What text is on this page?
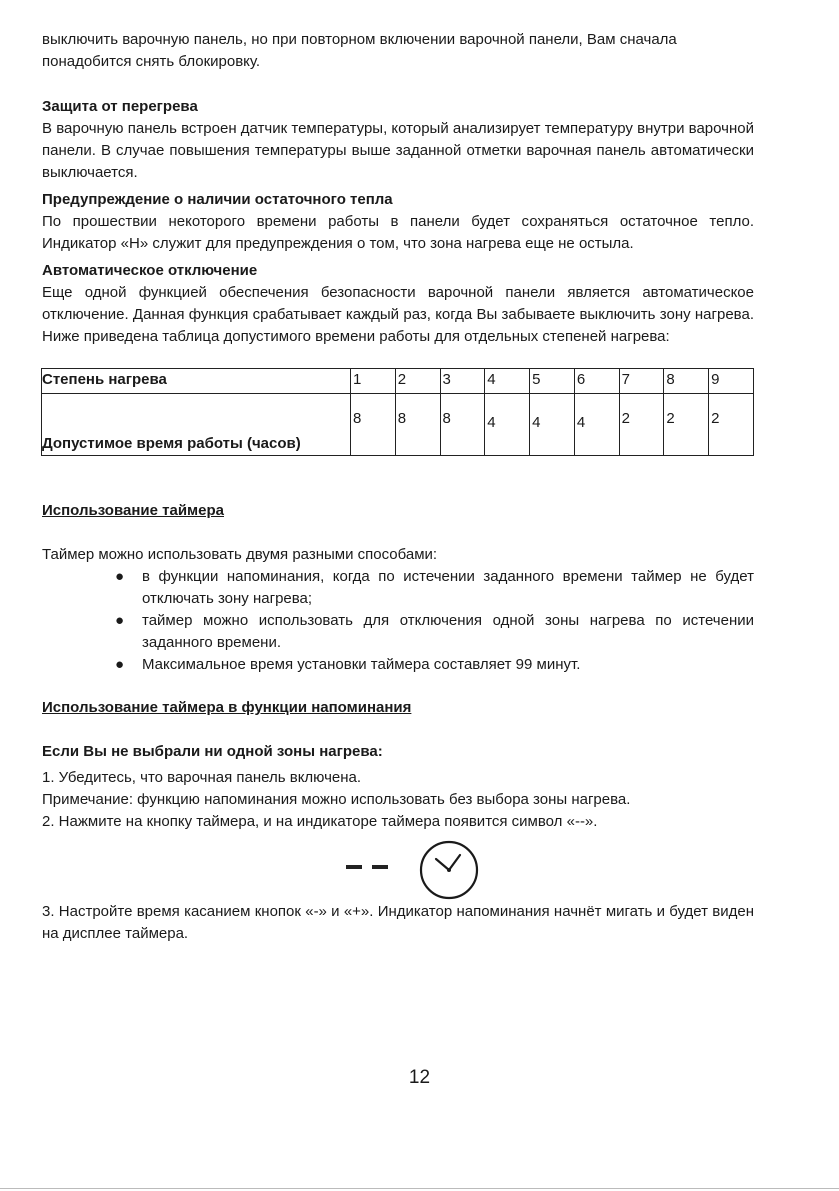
выключить варочную панель, но при повторном включении варочной панели, Вам сначала

понадобится снять блокировку.

Защита от перегрева

В варочную панель встроен датчик температуры, который анализирует температуру внутри варочной панели. В случае повышения температуры выше заданной отметки варочная панель автоматически выключается.

Предупреждение о наличии остаточного тепла

По прошествии некоторого времени работы в панели будет сохраняться остаточное тепло. Индикатор «H» служит для предупреждения о том, что зона нагрева еще не остыла.

Автоматическое отключение

Еще одной функцией обеспечения безопасности варочной панели является автоматическое отключение. Данная функция срабатывает каждый раз, когда Вы забываете выключить зону нагрева. Ниже приведена таблица допустимого времени работы для отдельных степеней нагрева:

Степень нагрева	1	2	3	4	5	6	7	8	9
Допустимое время работы (часов)	8	8	8	4	4	4	2	2	2

Использование таймера

Таймер можно использовать двумя разными способами:

● в функции напоминания, когда по истечении заданного времени таймер не будет отключать зону нагрева;
● таймер можно использовать для отключения одной зоны нагрева по истечении заданного времени.
● Максимальное время установки таймера составляет 99 минут.

Использование таймера в функции напоминания

Если Вы не выбрали ни одной зоны нагрева:

1. Убедитесь, что варочная панель включена.

Примечание: функцию напоминания можно использовать без выбора зоны нагрева.

2. Нажмите на кнопку таймера, и на индикаторе таймера появится символ «--».

3. Настройте время касанием кнопок «-» и «+». Индикатор напоминания начнёт мигать и будет виден на дисплее таймера.

12
